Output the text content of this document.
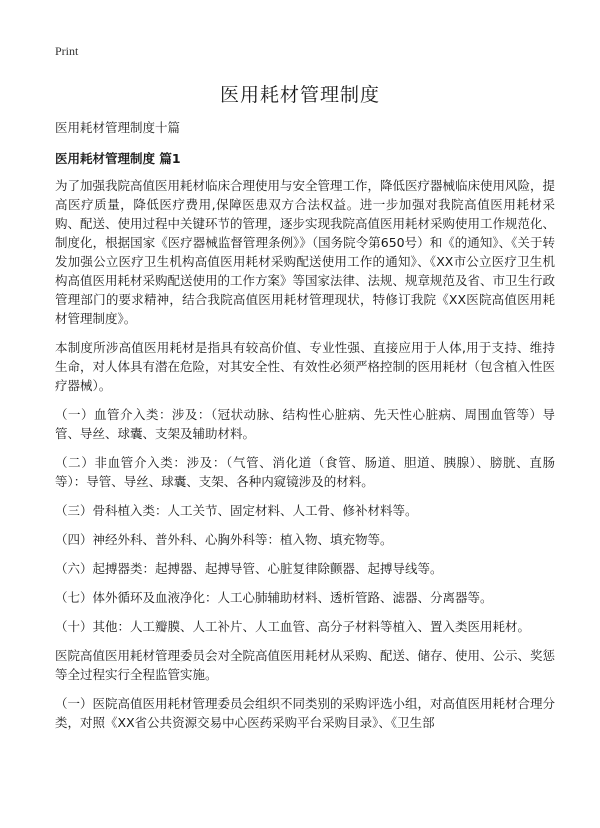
Print
医用耗材管理制度

医用耗材管理制度十篇

医用耗材管理制度 篇1

为了加强我院高值医用耗材临床合理使用与安全管理工作，降低医疗器械临床使用风险，提高医疗质量，降低医疗费用,保障医患双方合法权益。进一步加强对我院高值医用耗材采购、配送、使用过程中关键环节的管理，逐步实现我院高值医用耗材采购使用工作规范化、制度化，根据国家《医疗器械监督管理条例》》（国务院令第650号）和《的通知》、《关于转发加强公立医疗卫生机构高值医用耗材采购配送使用工作的通知》、《XX市公立医疗卫生机构高值医用耗材采购配送使用的工作方案》等国家法律、法规、规章规范及省、市卫生行政管理部门的要求精神，结合我院高值医用耗材管理现状，特修订我院《XX医院高值医用耗材管理制度》。

本制度所涉高值医用耗材是指具有较高价值、专业性强、直接应用于人体,用于支持、维持生命，对人体具有潜在危险，对其安全性、有效性必须严格控制的医用耗材（包含植入性医疗器械）。

（一）血管介入类：涉及：（冠状动脉、结构性心脏病、先天性心脏病、周围血管等）导管、导丝、球囊、支架及辅助材料。

（二）非血管介入类：涉及：（气管、消化道（食管、肠道、胆道、胰腺）、膀胱、直肠等）：导管、导丝、球囊、支架、各种内窥镜涉及的材料。

（三）骨科植入类：人工关节、固定材料、人工骨、修补材料等。

（四）神经外科、普外科、心胸外科等：植入物、填充物等。

（六）起搏器类：起搏器、起搏导管、心脏复律除颤器、起搏导线等。

（七）体外循环及血液净化：人工心肺辅助材料、透析管路、滤器、分离器等。

（十）其他：人工瓣膜、人工补片、人工血管、高分子材料等植入、置入类医用耗材。

医院高值医用耗材管理委员会对全院高值医用耗材从采购、配送、储存、使用、公示、奖惩等全过程实行全程监管实施。

（一）医院高值医用耗材管理委员会组织不同类别的采购评选小组，对高值医用耗材合理分类，对照《XX省公共资源交易中心医药采购平台采购目录》、《卫生部
